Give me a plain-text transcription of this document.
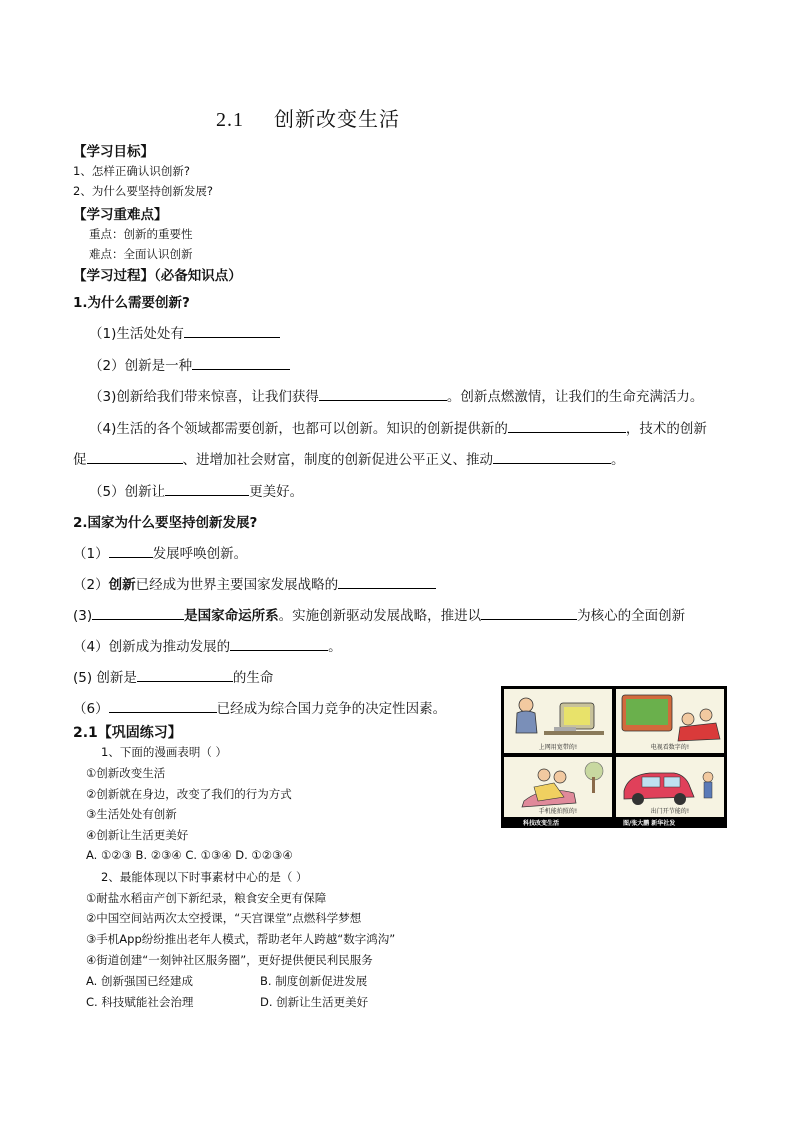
2.1 创新改变生活
【学习目标】
1、怎样正确认识创新?
2、为什么要坚持创新发展?
【学习重难点】
重点：创新的重要性
难点：全面认识创新
【学习过程】（必备知识点）
1.为什么需要创新?
（1)生活处处有
（2）创新是一种
（3)创新给我们带来惊喜，让我们获得	。创新点燃激情，让我们的生命充满活力。
（4)生活的各个领域都需要创新，也都可以创新。知识的创新提供新的	，技术的创新
促	、进增加社会财富，制度的创新促进公平正义、推动	。
（5）创新让	更美好。
2.国家为什么要坚持创新发展?
（1）	发展呼唤创新。
（2）创新已经成为世界主要国家发展战略的
(3)	是国家命运所系。实施创新驱动发展战略，推进以	为核心的全面创新
（4）创新成为推动发展的	。
(5) 创新是	的生命
（6）	已经成为综合国力竞争的决定性因素。
2.1【巩固练习】
1、下面的漫画表明（ ）
①创新改变生活
②创新就在身边，改变了我们的行为方式
③生活处处有创新
④创新让生活更美好
A. ①②③ B. ②③④ C. ①③④ D. ①②③④
2、最能体现以下时事素材中心的是（ ）
①耐盐水稻亩产创下新纪录，粮食安全更有保障
②中国空间站两次太空授课，“天宫课堂”点燃科学梦想
③手机App纷纷推出老年人模式，帮助老年人跨越“数字鸿沟”
④街道创建“一刻钟社区服务圈”，更好提供便民利民服务
A. 创新强国已经建成	B. 制度创新促进发展
C. 科技赋能社会治理	D. 创新让生活更美好
上网用宽带的!	电视看数字的!
手机能拍照的!	出门开节能的!
科技改变生活	图/张大鹏 新华社发
